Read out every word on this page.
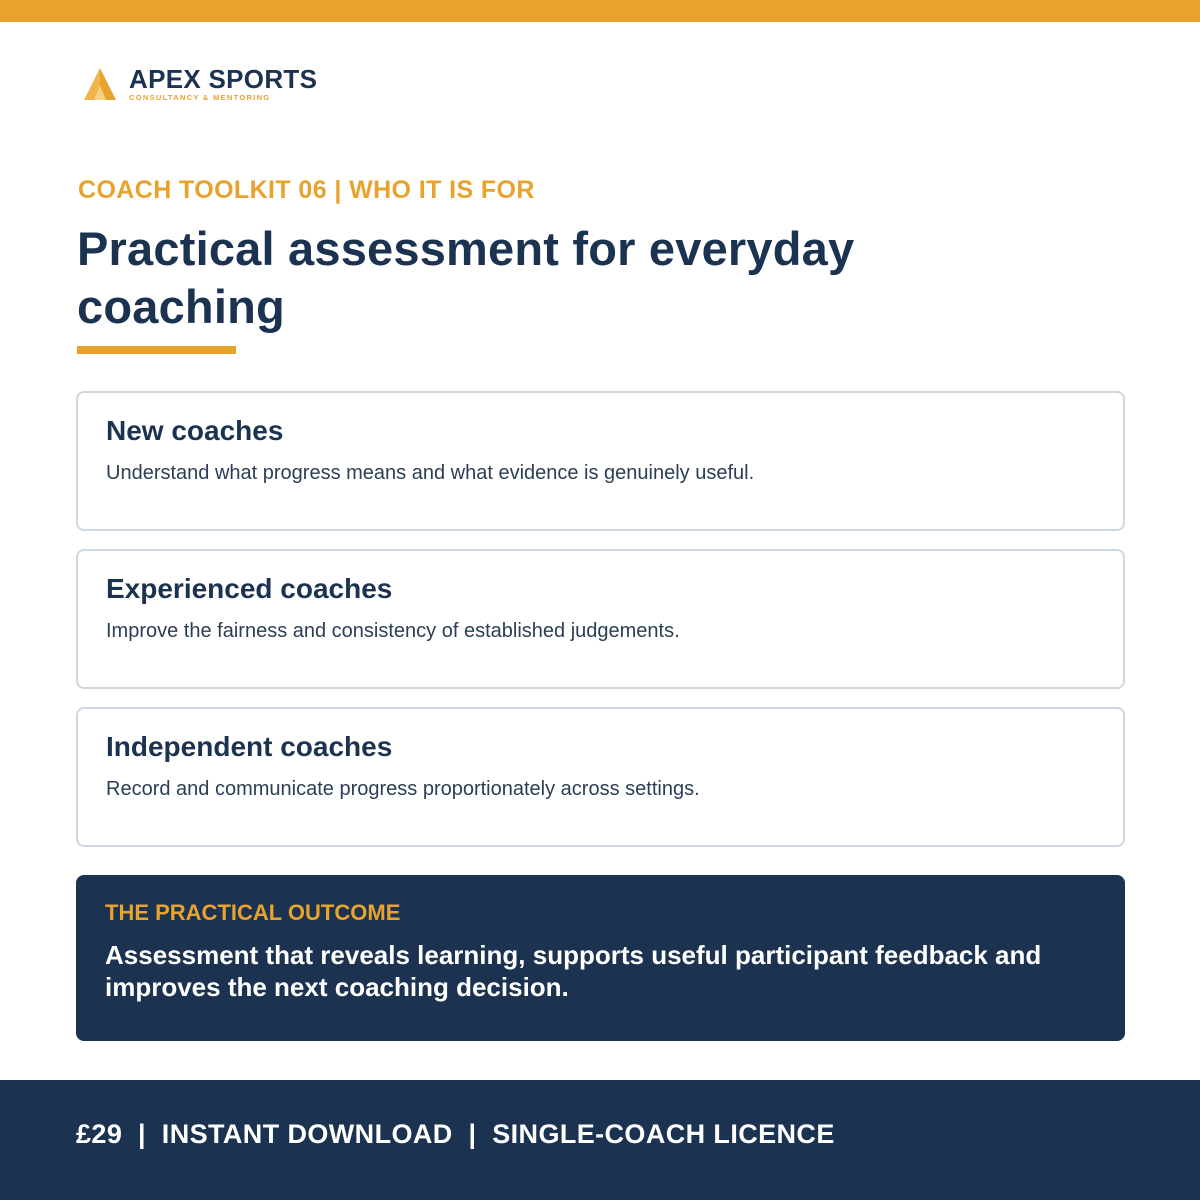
APEX SPORTS
CONSULTANCY & MENTORING
COACH TOOLKIT 06 | WHO IT IS FOR
Practical assessment for everyday coaching
New coaches
Understand what progress means and what evidence is genuinely useful.
Experienced coaches
Improve the fairness and consistency of established judgements.
Independent coaches
Record and communicate progress proportionately across settings.
THE PRACTICAL OUTCOME
Assessment that reveals learning, supports useful participant feedback and improves the next coaching decision.
£29  |  INSTANT DOWNLOAD  |  SINGLE-COACH LICENCE
